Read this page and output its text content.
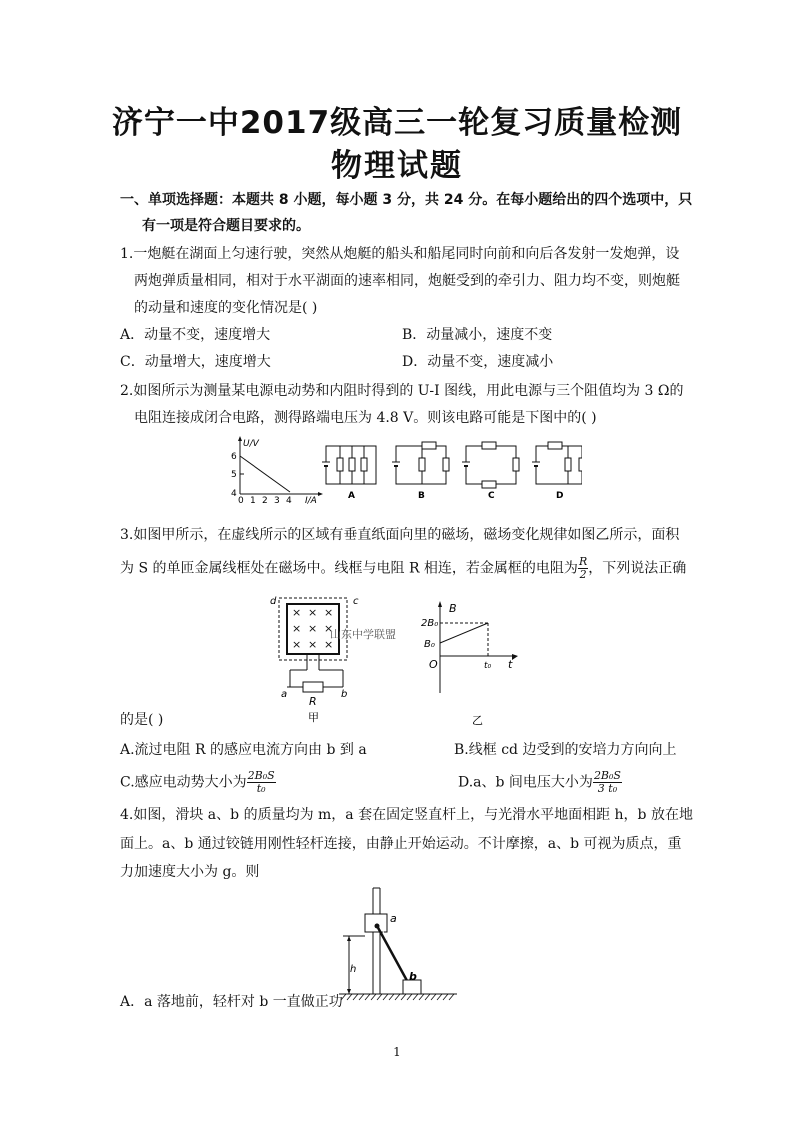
济宁一中2017级高三一轮复习质量检测
物理试题
一、单项选择题：本题共 8 小题，每小题 3 分，共 24 分。在每小题给出的四个选项中，只
有一项是符合题目要求的。
1.一炮艇在湖面上匀速行驶，突然从炮艇的船头和船尾同时向前和向后各发射一发炮弹，设
两炮弹质量相同，相对于水平湖面的速率相同，炮艇受到的牵引力、阻力均不变，则炮艇
的动量和速度的变化情况是( )
A．动量不变，速度增大	B．动量减小，速度不变
C．动量增大，速度增大	D．动量不变，速度减小
2.如图所示为测量某电源电动势和内阻时得到的 U-I 图线，用此电源与三个阻值均为 3 Ω的
电阻连接成闭合电路，测得路端电压为 4.8 V。则该电路可能是下图中的( )
U/V
6
5
4
0 1 2 3 4 I/A	A	B	C	D
3.如图甲所示，在虚线所示的区域有垂直纸面向里的磁场，磁场变化规律如图乙所示，面积
为 S 的单匝金属线框处在磁场中。线框与电阻 R 相连，若金属框的电阻为 $\frac{R}{2}$ ，下列说法正确
× × ×
× × ×
× × ×
d	c
a	b
R
甲
山东中学联盟
B
2B₀
B₀
O	t₀ t
乙
的是( )
A.流过电阻 R 的感应电流方向由 b 到 a	B.线框 cd 边受到的安培力方向向上
C.感应电动势大小为 $\frac{\text{2B₀S}}{\text{t₀}}$	D.a、b 间电压大小为 $\frac{\text{2B₀S}}{\text{3 t₀}}$
4.如图，滑块 a、b 的质量均为 m，a 套在固定竖直杆上，与光滑水平地面相距 h，b 放在地
面上。a、b 通过铰链用刚性轻杆连接，由静止开始运动。不计摩擦，a、b 可视为质点，重
力加速度大小为 g。则
a
b
h
A．a 落地前，轻杆对 b 一直做正功
1
